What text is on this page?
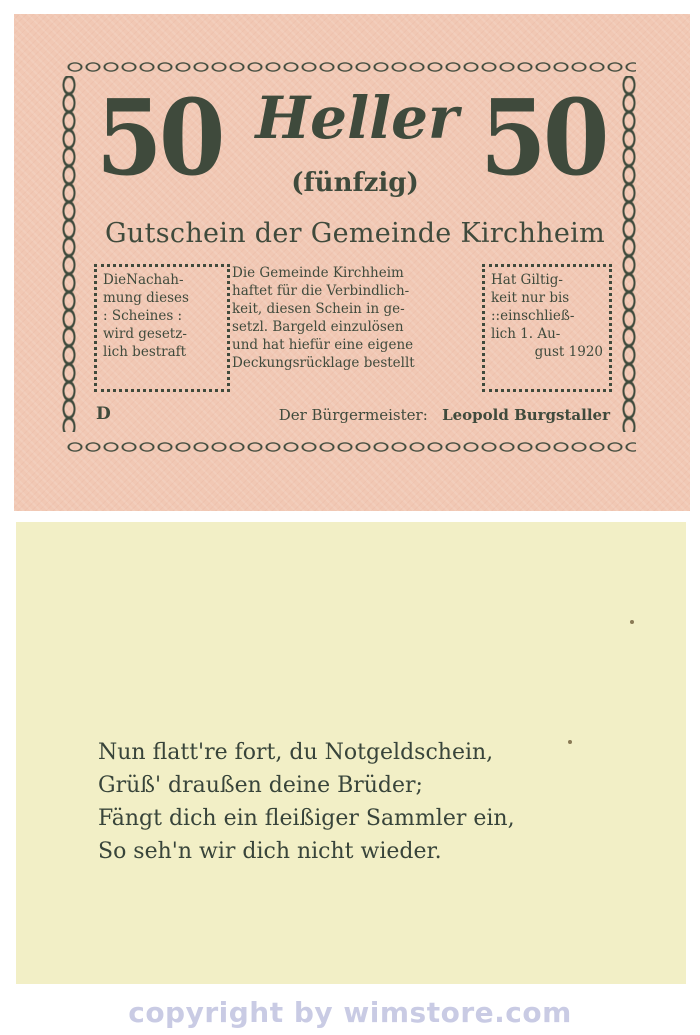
50 50
Heller
(fünfzig)
Gutschein der Gemeinde Kirchheim
DieNachah-
mung dieses
: Scheines :
wird gesetz-
lich bestraft
Die Gemeinde Kirchheim
haftet für die Verbindlich-
keit, diesen Schein in ge-
setzl. Bargeld einzulösen
und hat hiefür eine eigene
Deckungsrücklage bestellt
Hat Giltig-
keit nur bis
::einschließ-
lich 1. Au-
gust 1920
D	Der Bürgermeister: Leopold Burgstaller
Nun flatt're fort, du Notgeldschein,
Grüß' draußen deine Brüder;
Fängt dich ein fleißiger Sammler ein,
So seh'n wir dich nicht wieder.
copyright by wimstore.com
